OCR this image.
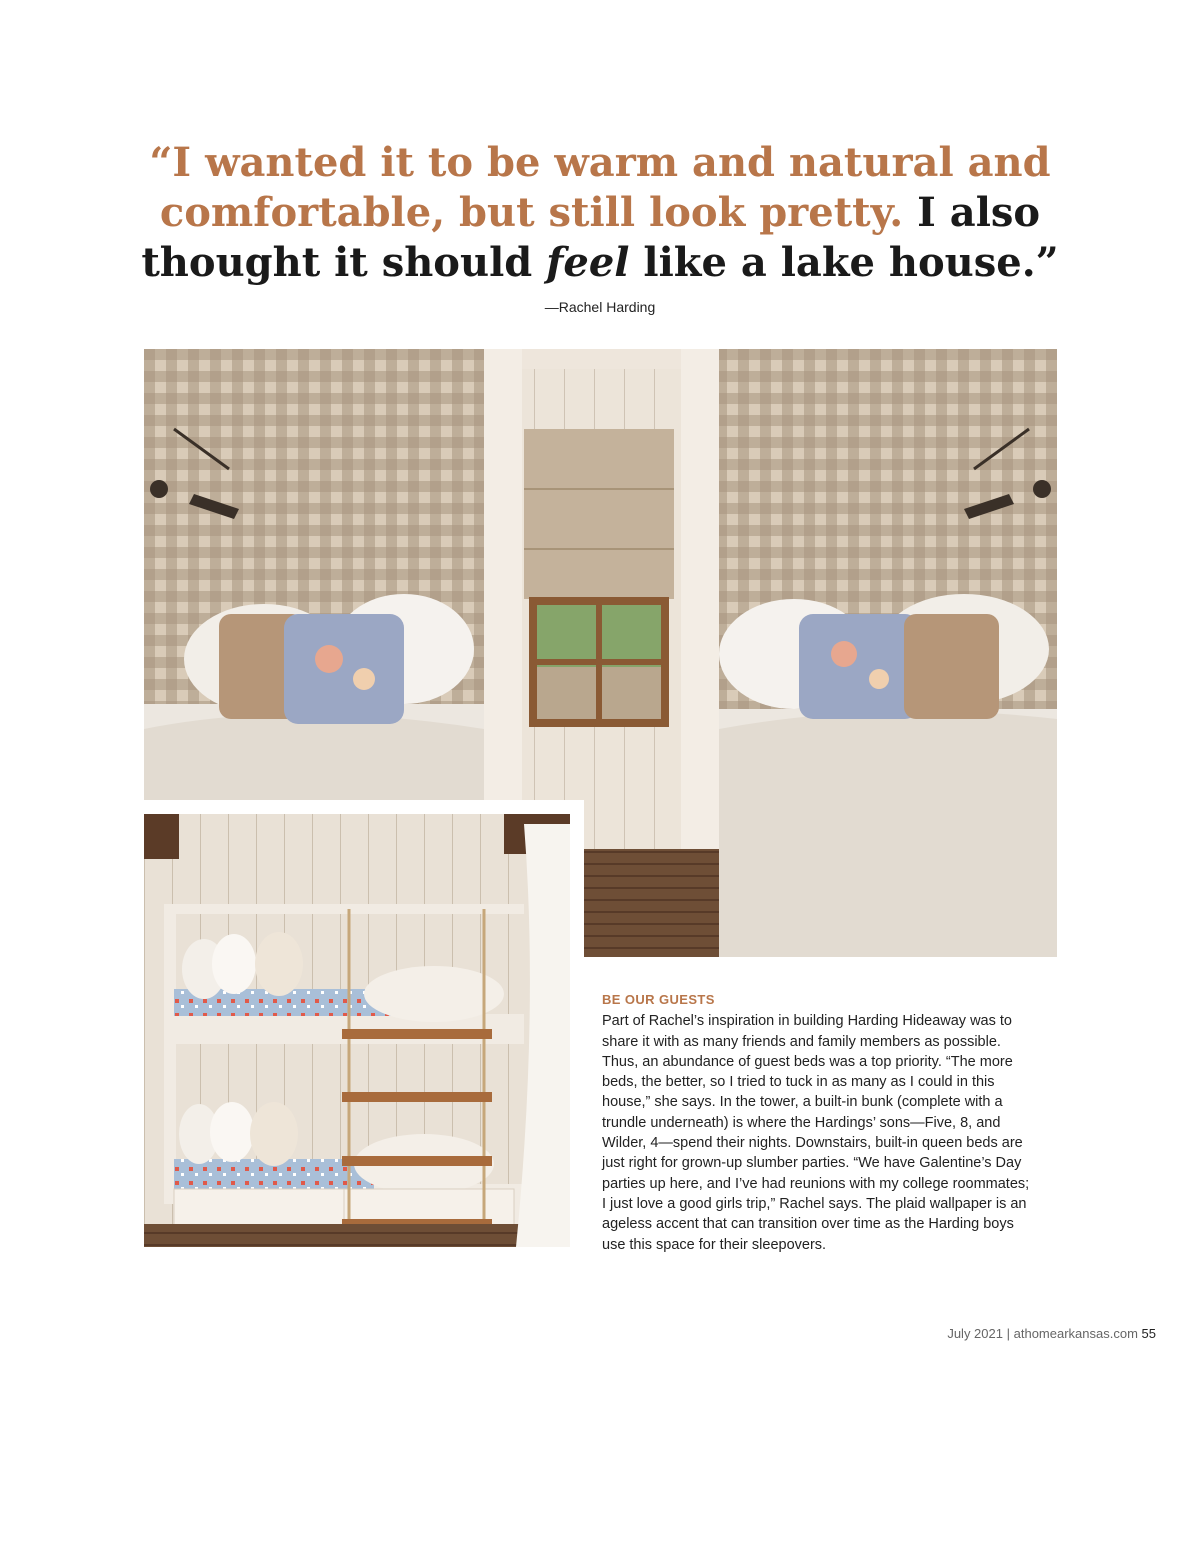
“I wanted it to be warm and natural and comfortable, but still look pretty. I also thought it should feel like a lake house.”
—Rachel Harding
BE OUR GUESTS
Part of Rachel’s inspiration in building Harding Hideaway was to share it with as many friends and family members as possible. Thus, an abundance of guest beds was a top priority. “The more beds, the better, so I tried to tuck in as many as I could in this house,” she says. In the tower, a built-in bunk (complete with a trundle underneath) is where the Hardings’ sons—Five, 8, and Wilder, 4—spend their nights. Downstairs, built-in queen beds are just right for grown-up slumber parties. “We have Galentine’s Day parties up here, and I’ve had reunions with my college roommates; I just love a good girls trip,” Rachel says. The plaid wallpaper is an ageless accent that can transition over time as the Harding boys use this space for their sleepovers.
July 2021 | athomearkansas.com 55
